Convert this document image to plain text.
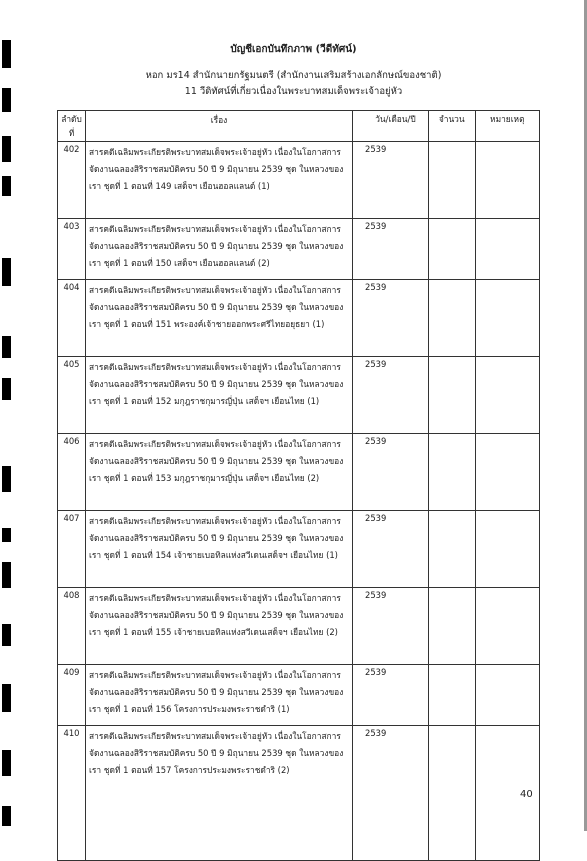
บัญชีเอกบันทึกภาพ (วีดีทัศน์)
หอก มร14 สำนักนายกรัฐมนตรี (สำนักงานเสริมสร้างเอกลักษณ์ของชาติ)
11 วีดิทัศน์ที่เกี่ยวเนื่องในพระบาทสมเด็จพระเจ้าอยู่หัว
ลำดับที่	เรื่อง	วัน/เดือน/ปี	จำนวน	หมายเหตุ
402	สารคดีเฉลิมพระเกียรติพระบาทสมเด็จพระเจ้าอยู่หัว เนื่องในโอกาสการจัดงานฉลองสิริราชสมบัติครบ 50 ปี 9 มิถุนายน 2539 ชุด ในหลวงของเรา ชุดที่ 1 ตอนที่ 149 เสด็จฯ เยือนฮอลแลนด์ (1)	2539		
403	สารคดีเฉลิมพระเกียรติพระบาทสมเด็จพระเจ้าอยู่หัว เนื่องในโอกาสการจัดงานฉลองสิริราชสมบัติครบ 50 ปี 9 มิถุนายน 2539 ชุด ในหลวงของเรา ชุดที่ 1 ตอนที่ 150 เสด็จฯ เยือนฮอลแลนด์ (2)	2539		
404	สารคดีเฉลิมพระเกียรติพระบาทสมเด็จพระเจ้าอยู่หัว เนื่องในโอกาสการจัดงานฉลองสิริราชสมบัติครบ 50 ปี 9 มิถุนายน 2539 ชุด ในหลวงของเรา ชุดที่ 1 ตอนที่ 151 พระองค์เจ้าชายออกพระศรีไทยอยุธยา (1)	2539		
405	สารคดีเฉลิมพระเกียรติพระบาทสมเด็จพระเจ้าอยู่หัว เนื่องในโอกาสการจัดงานฉลองสิริราชสมบัติครบ 50 ปี 9 มิถุนายน 2539 ชุด ในหลวงของเรา ชุดที่ 1 ตอนที่ 152 มกุฎราชกุมารญี่ปุ่น เสด็จฯ เยือนไทย (1)	2539		
406	สารคดีเฉลิมพระเกียรติพระบาทสมเด็จพระเจ้าอยู่หัว เนื่องในโอกาสการจัดงานฉลองสิริราชสมบัติครบ 50 ปี 9 มิถุนายน 2539 ชุด ในหลวงของเรา ชุดที่ 1 ตอนที่ 153 มกุฎราชกุมารญี่ปุ่น เสด็จฯ เยือนไทย (2)	2539		
407	สารคดีเฉลิมพระเกียรติพระบาทสมเด็จพระเจ้าอยู่หัว เนื่องในโอกาสการจัดงานฉลองสิริราชสมบัติครบ 50 ปี 9 มิถุนายน 2539 ชุด ในหลวงของเรา ชุดที่ 1 ตอนที่ 154 เจ้าชายเบอทิลแห่งสวีเดนเสด็จฯ เยือนไทย (1)	2539		
408	สารคดีเฉลิมพระเกียรติพระบาทสมเด็จพระเจ้าอยู่หัว เนื่องในโอกาสการจัดงานฉลองสิริราชสมบัติครบ 50 ปี 9 มิถุนายน 2539 ชุด ในหลวงของเรา ชุดที่ 1 ตอนที่ 155 เจ้าชายเบอทิลแห่งสวีเดนเสด็จฯ เยือนไทย (2)	2539		
409	สารคดีเฉลิมพระเกียรติพระบาทสมเด็จพระเจ้าอยู่หัว เนื่องในโอกาสการจัดงานฉลองสิริราชสมบัติครบ 50 ปี 9 มิถุนายน 2539 ชุด ในหลวงของเรา ชุดที่ 1 ตอนที่ 156 โครงการประมงพระราชดำริ (1)	2539		
410	สารคดีเฉลิมพระเกียรติพระบาทสมเด็จพระเจ้าอยู่หัว เนื่องในโอกาสการจัดงานฉลองสิริราชสมบัติครบ 50 ปี 9 มิถุนายน 2539 ชุด ในหลวงของเรา ชุดที่ 1 ตอนที่ 157 โครงการประมงพระราชดำริ (2)	2539		
40
